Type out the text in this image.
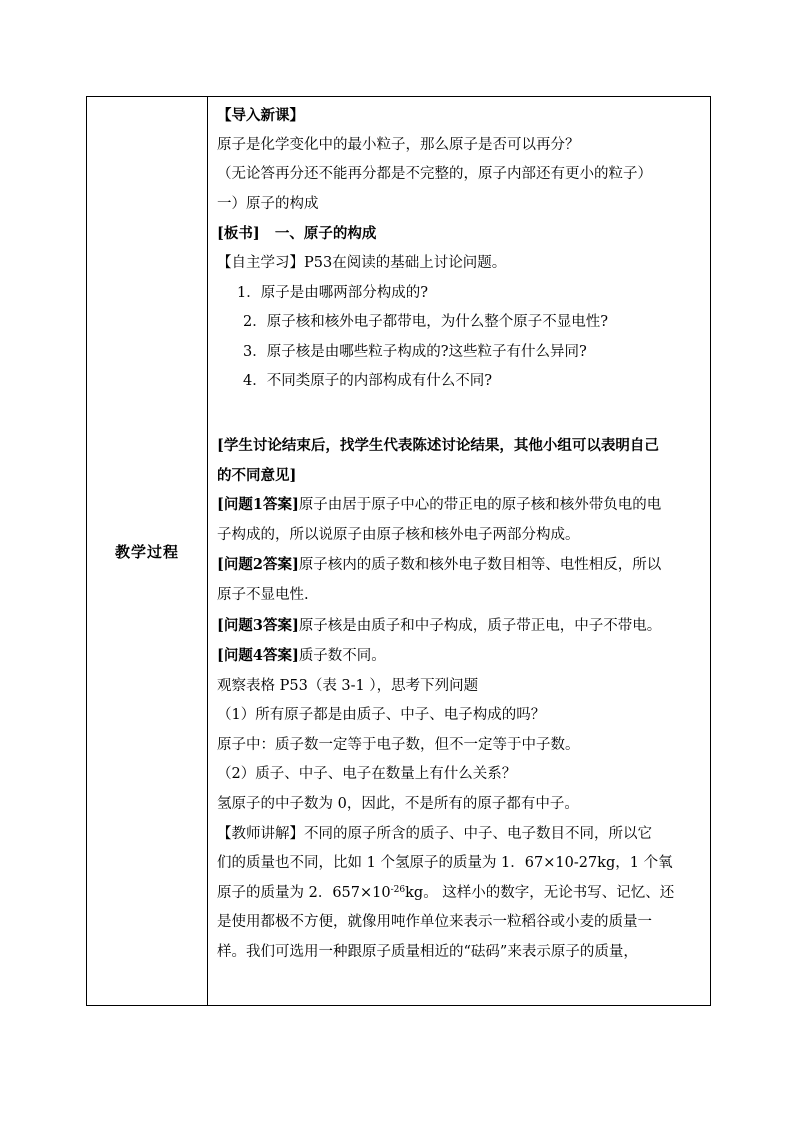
教学过程	
【导入新课】
原子是化学变化中的最小粒子，那么原子是否可以再分？
（无论答再分还不能再分都是不完整的，原子内部还有更小的粒子）
一）原子的构成
[板书] 一、原子的构成
【自主学习】P53在阅读的基础上讨论问题。
1．原子是由哪两部分构成的?
2．原子核和核外电子都带电，为什么整个原子不显电性?
3．原子核是由哪些粒子构成的?这些粒子有什么异同?
4．不同类原子的内部构成有什么不同?
[学生讨论结束后，找学生代表陈述讨论结果，其他小组可以表明自己
的不同意见]
[问题1答案]原子由居于原子中心的带正电的原子核和核外带负电的电
子构成的，所以说原子由原子核和核外电子两部分构成。
[问题2答案]原子核内的质子数和核外电子数目相等、电性相反，所以
原子不显电性.
[问题3答案]原子核是由质子和中子构成，质子带正电，中子不带电。
[问题4答案]质子数不同。
观察表格 P53（表 3-1 ），思考下列问题
（1）所有原子都是由质子、中子、电子构成的吗？
原子中：质子数一定等于电子数，但不一定等于中子数。
（2）质子、中子、电子在数量上有什么关系？
氢原子的中子数为 0，因此，不是所有的原子都有中子。
【教师讲解】不同的原子所含的质子、中子、电子数目不同，所以它
们的质量也不同，比如 1 个氢原子的质量为 1．67×10-27kg，1 个氧
原子的质量为 2．$657\times 10^{-26}kg$。 这样小的数字，无论书写、记忆、还
是使用都极不方便，就像用吨作单位来表示一粒稻谷或小麦的质量一
样。我们可选用一种跟原子质量相近的“砝码”来表示原子的质量，
